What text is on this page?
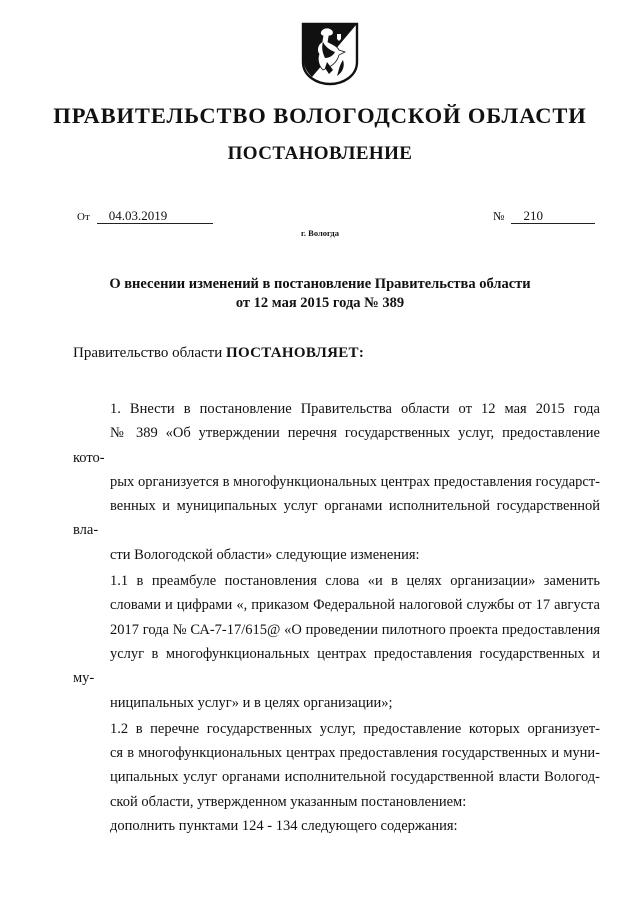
ПРАВИТЕЛЬСТВО ВОЛОГОДСКОЙ ОБЛАСТИ
ПОСТАНОВЛЕНИЕ
От 04.03.2019	№ 210
г. Вологда
О внесении изменений в постановление Правительства области
от 12 мая 2015 года № 389
Правительство области ПОСТАНОВЛЯЕТ:

1. Внести в постановление Правительства области от 12 мая 2015 года
№ 389 «Об утверждении перечня государственных услуг, предоставление кото-
рых организуется в многофункциональных центрах предоставления государст-
венных и муниципальных услуг органами исполнительной государственной вла-
сти Вологодской области» следующие изменения:

1.1 в преамбуле постановления слова «и в целях организации» заменить
словами и цифрами «, приказом Федеральной налоговой службы от 17 августа
2017 года № СА-7-17/615@ «О проведении пилотного проекта предоставления
услуг в многофункциональных центрах предоставления государственных и му-
ниципальных услуг» и в целях организации»;

1.2 в перечне государственных услуг, предоставление которых организует-
ся в многофункциональных центрах предоставления государственных и муни-
ципальных услуг органами исполнительной государственной власти Вологод-
ской области, утвержденном указанным постановлением:

дополнить пунктами 124 - 134 следующего содержания:
